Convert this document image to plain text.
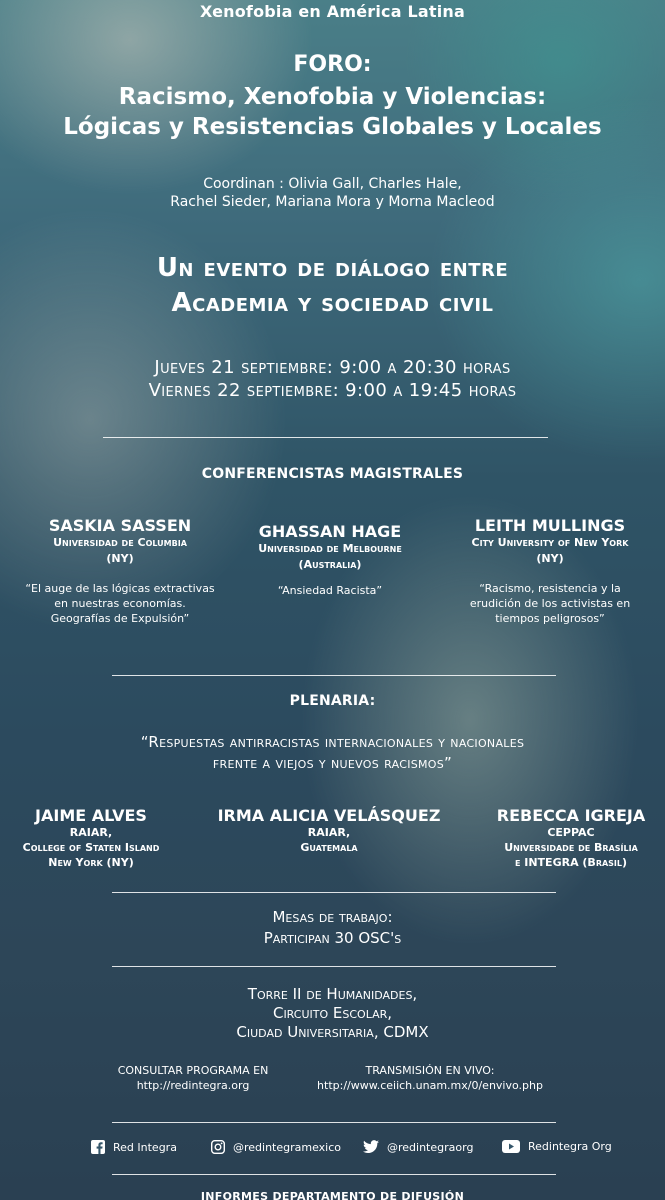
Xenofobia en América Latina
FORO:
Racismo, Xenofobia y Violencias:
Lógicas y Resistencias Globales y Locales
Coordinan : Olivia Gall, Charles Hale,
Rachel Sieder, Mariana Mora y Morna Macleod
Un evento de diálogo entre
Academia y sociedad civil
Jueves 21 septiembre: 9:00 a 20:30 horas
Viernes 22 septiembre: 9:00 a 19:45 horas
CONFERENCISTAS MAGISTRALES
SASKIA SASSEN
Universidad de Columbia
(NY)
“El auge de las lógicas extractivas
en nuestras economías.
Geografías de Expulsión”
GHASSAN HAGE
Universidad de Melbourne
(Australia)
“Ansiedad Racista”
LEITH MULLINGS
City University of New York
(NY)
“Racismo, resistencia y la
erudición de los activistas en
tiempos peligrosos”
PLENARIA:
“Respuestas antirracistas internacionales y nacionales
frente a viejos y nuevos racismos”
JAIME ALVES
RAIAR,
College of Staten Island
New York (NY)
IRMA ALICIA VELÁSQUEZ
RAIAR,
Guatemala
REBECCA IGREJA
CEPPAC
Universidade de Brasília
e INTEGRA (Brasil)
Mesas de trabajo:
Participan 30 OSC's
Torre II de Humanidades,
Circuito Escolar,
Ciudad Universitaria, CDMX
CONSULTAR PROGRAMA EN
http://redintegra.org
TRANSMISIÓN EN VIVO:
http://www.ceiich.unam.mx/0/envivo.php
Red Integra	@redintegramexico	@redintegraorg	Redintegra Org
INFORMES DEPARTAMENTO DE DIFUSIÓN
